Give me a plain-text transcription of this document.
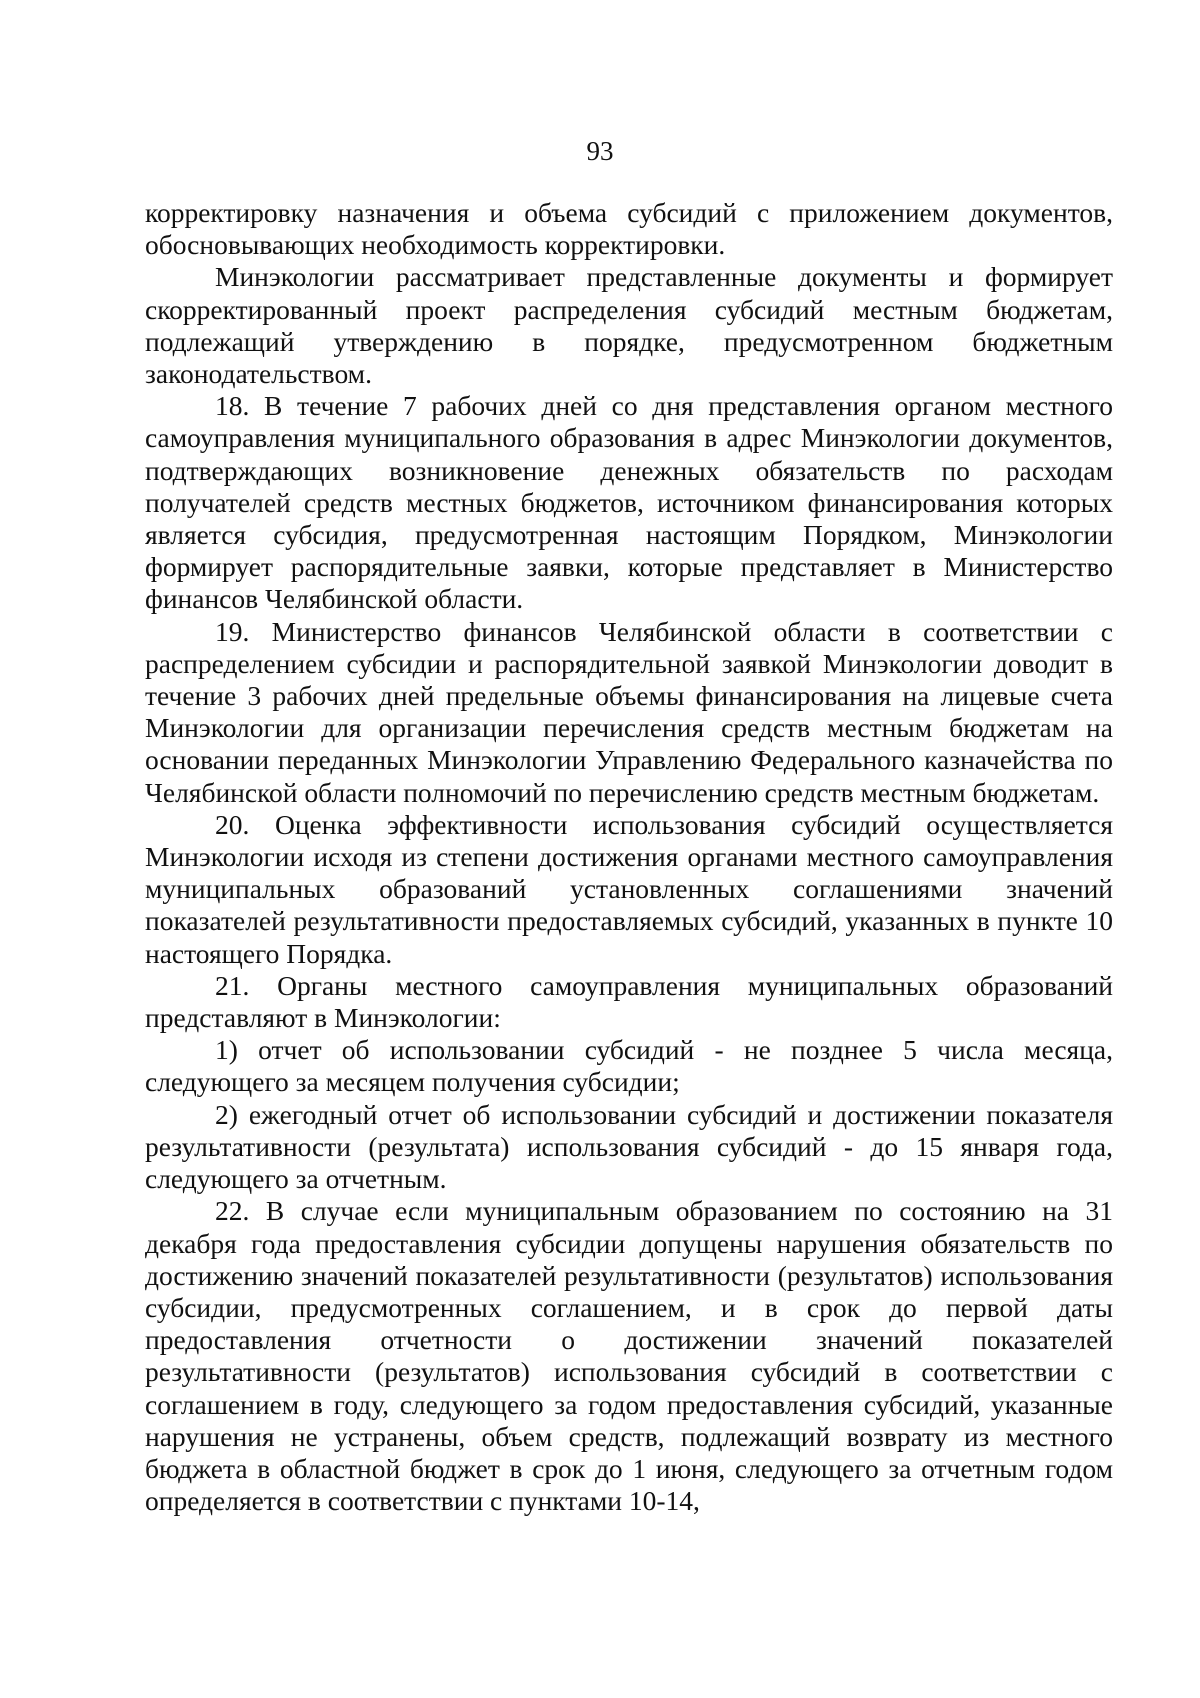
93

корректировку назначения и объема субсидий с приложением документов, обосновывающих необходимость корректировки.

Минэкологии рассматривает представленные документы и формирует скорректированный проект распределения субсидий местным бюджетам, подлежащий утверждению в порядке, предусмотренном бюджетным законодательством.

18. В течение 7 рабочих дней со дня представления органом местного самоуправления муниципального образования в адрес Минэкологии документов, подтверждающих возникновение денежных обязательств по расходам получателей средств местных бюджетов, источником финансирования которых является субсидия, предусмотренная настоящим Порядком, Минэкологии формирует распорядительные заявки, которые представляет в Министерство финансов Челябинской области.

19. Министерство финансов Челябинской области в соответствии с распределением субсидии и распорядительной заявкой Минэкологии доводит в течение 3 рабочих дней предельные объемы финансирования на лицевые счета Минэкологии для организации перечисления средств местным бюджетам на основании переданных Минэкологии Управлению Федерального казначейства по Челябинской области полномочий по перечислению средств местным бюджетам.

20. Оценка эффективности использования субсидий осуществляется Минэкологии исходя из степени достижения органами местного самоуправления муниципальных образований установленных соглашениями значений показателей результативности предоставляемых субсидий, указанных в пункте 10 настоящего Порядка.

21. Органы местного самоуправления муниципальных образований представляют в Минэкологии:

1) отчет об использовании субсидий - не позднее 5 числа месяца, следующего за месяцем получения субсидии;

2) ежегодный отчет об использовании субсидий и достижении показателя результативности (результата) использования субсидий - до 15 января года, следующего за отчетным.

22. В случае если муниципальным образованием по состоянию на 31 декабря года предоставления субсидии допущены нарушения обязательств по достижению значений показателей результативности (результатов) использования субсидии, предусмотренных соглашением, и в срок до первой даты предоставления отчетности о достижении значений показателей результативности (результатов) использования субсидий в соответствии с соглашением в году, следующего за годом предоставления субсидий, указанные нарушения не устранены, объем средств, подлежащий возврату из местного бюджета в областной бюджет в срок до 1 июня, следующего за отчетным годом определяется в соответствии с пунктами 10-14,
